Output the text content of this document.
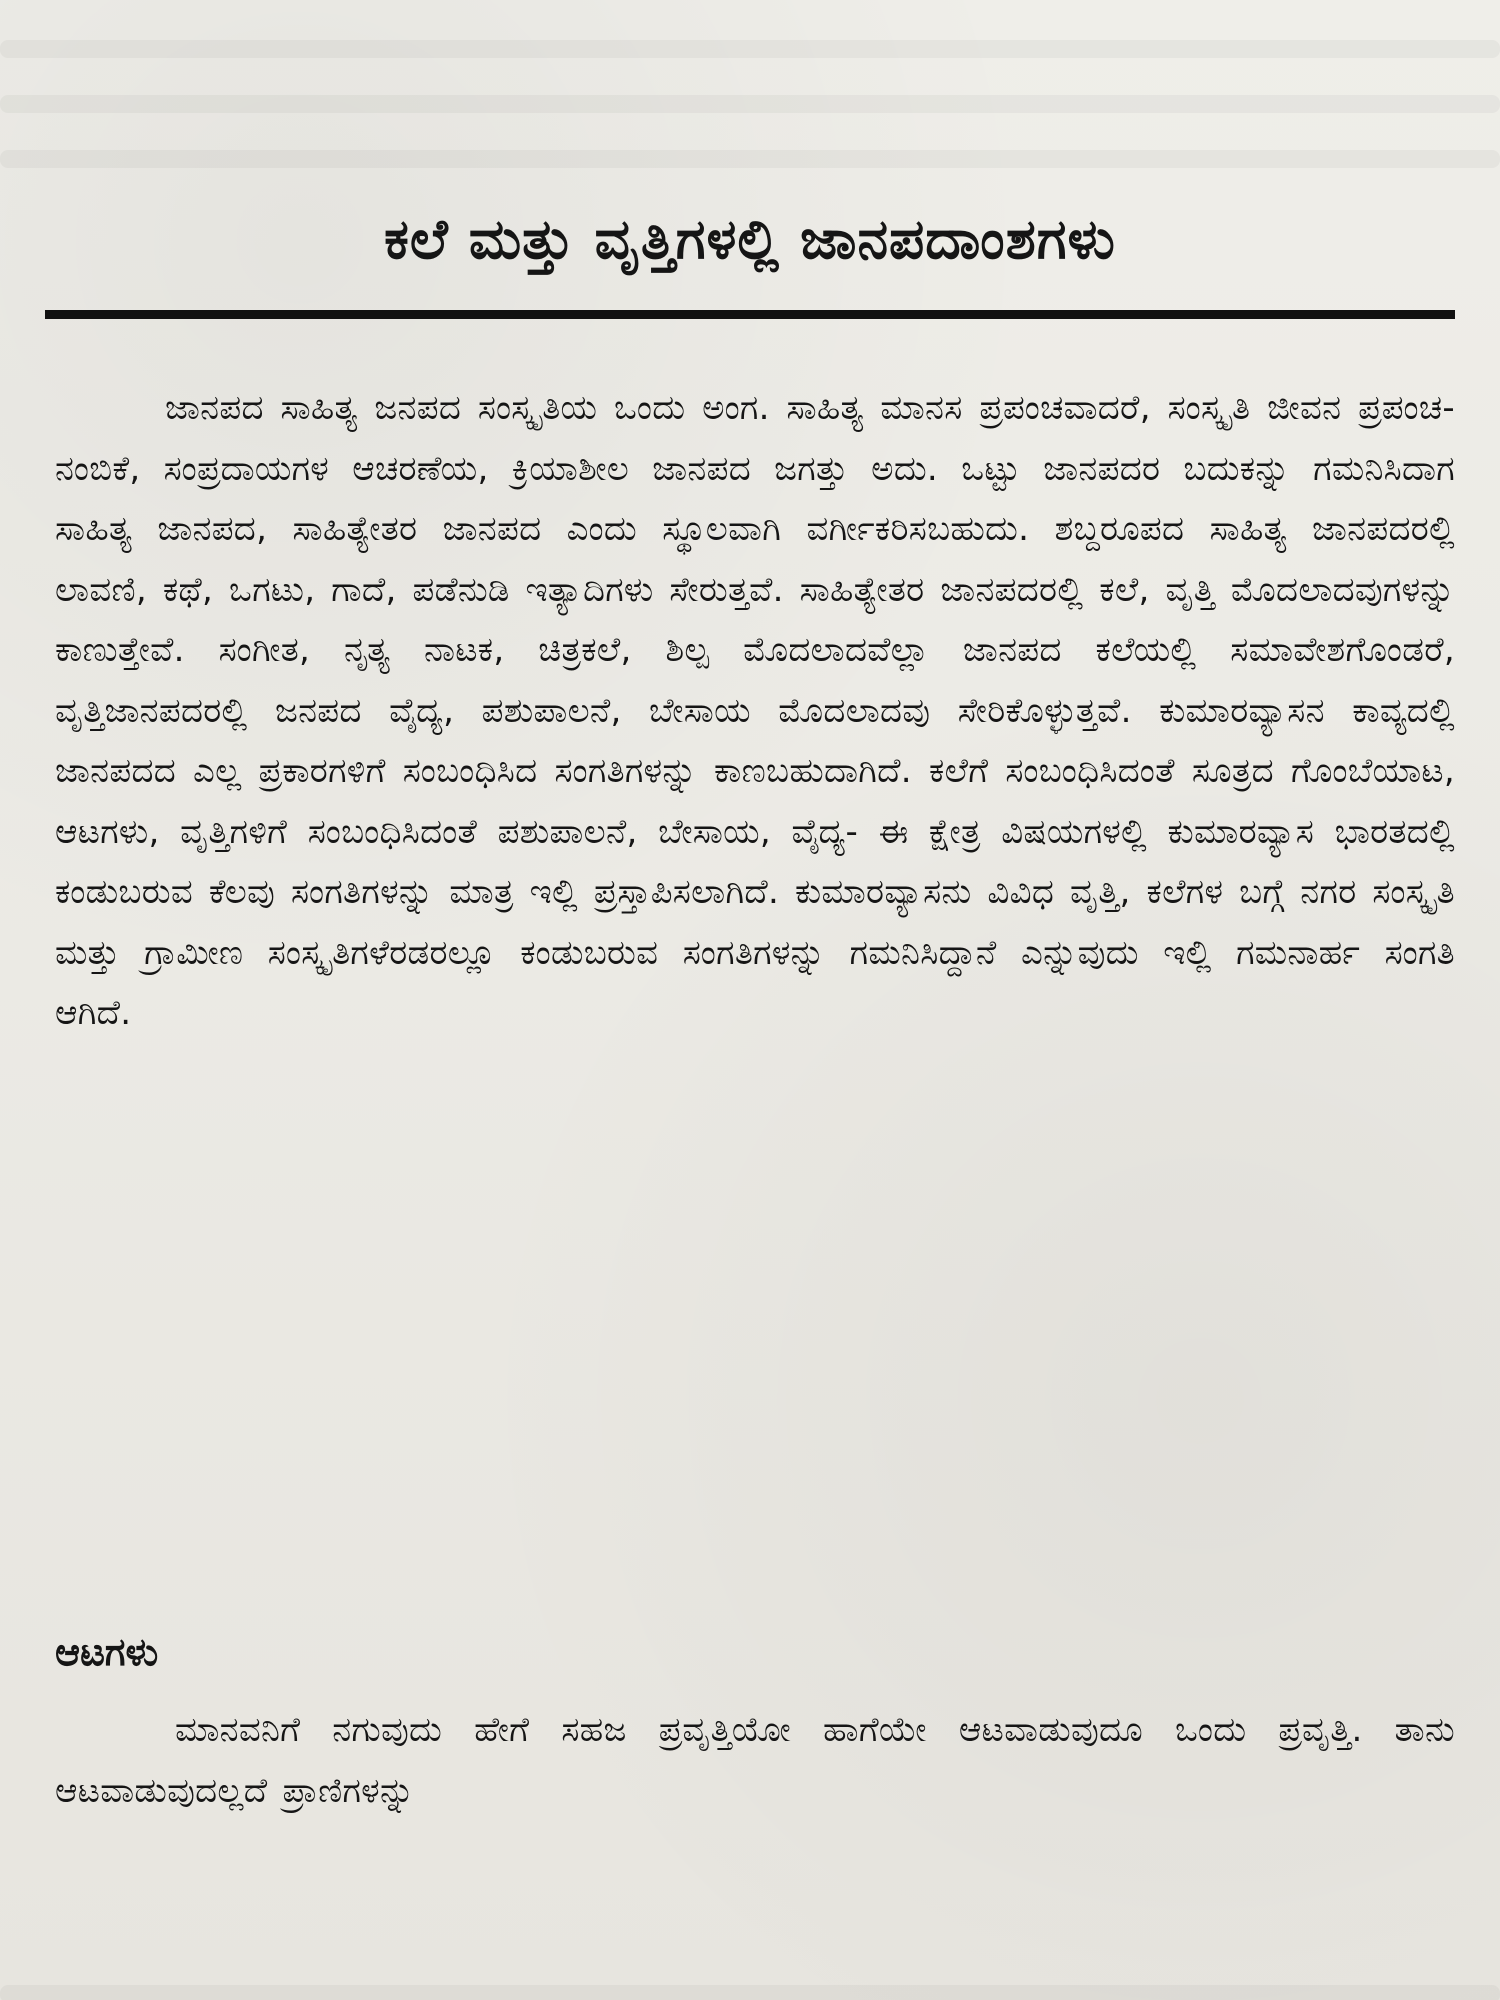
ಕಲೆ ಮತ್ತು ವೃತ್ತಿಗಳಲ್ಲಿ ಜಾನಪದಾಂಶಗಳು

ಜಾನಪದ ಸಾಹಿತ್ಯ ಜನಪದ ಸಂಸ್ಕೃತಿಯ ಒಂದು ಅಂಗ. ಸಾಹಿತ್ಯ ಮಾನಸ ಪ್ರಪಂಚವಾದರೆ, ಸಂಸ್ಕೃತಿ ಜೀವನ ಪ್ರಪಂಚ- ನಂಬಿಕೆ, ಸಂಪ್ರದಾಯಗಳ ಆಚರಣೆಯ, ಕ್ರಿಯಾಶೀಲ ಜಾನಪದ ಜಗತ್ತು ಅದು. ಒಟ್ಟು ಜಾನಪದರ ಬದುಕನ್ನು ಗಮನಿಸಿದಾಗ ಸಾಹಿತ್ಯ ಜಾನಪದ, ಸಾಹಿತ್ಯೇತರ ಜಾನಪದ ಎಂದು ಸ್ಥೂಲವಾಗಿ ವರ್ಗೀಕರಿಸಬಹುದು. ಶಬ್ದರೂಪದ ಸಾಹಿತ್ಯ ಜಾನಪದರಲ್ಲಿ ಲಾವಣಿ, ಕಥೆ, ಒಗಟು, ಗಾದೆ, ಪಡೆನುಡಿ ಇತ್ಯಾದಿಗಳು ಸೇರುತ್ತವೆ. ಸಾಹಿತ್ಯೇತರ ಜಾನಪದರಲ್ಲಿ ಕಲೆ, ವೃತ್ತಿ ಮೊದಲಾದವುಗಳನ್ನು ಕಾಣುತ್ತೇವೆ. ಸಂಗೀತ, ನೃತ್ಯ ನಾಟಕ, ಚಿತ್ರಕಲೆ, ಶಿಲ್ಪ ಮೊದಲಾದವೆಲ್ಲಾ ಜಾನಪದ ಕಲೆಯಲ್ಲಿ ಸಮಾವೇಶಗೊಂಡರೆ, ವೃತ್ತಿಜಾನಪದರಲ್ಲಿ ಜನಪದ ವೈದ್ಯ, ಪಶುಪಾಲನೆ, ಬೇಸಾಯ ಮೊದಲಾದವು ಸೇರಿಕೊಳ್ಳುತ್ತವೆ. ಕುಮಾರವ್ಯಾಸನ ಕಾವ್ಯದಲ್ಲಿ ಜಾನಪದದ ಎಲ್ಲ ಪ್ರಕಾರಗಳಿಗೆ ಸಂಬಂಧಿಸಿದ ಸಂಗತಿಗಳನ್ನು ಕಾಣಬಹುದಾಗಿದೆ. ಕಲೆಗೆ ಸಂಬಂಧಿಸಿದಂತೆ ಸೂತ್ರದ ಗೊಂಬೆಯಾಟ, ಆಟಗಳು, ವೃತ್ತಿಗಳಿಗೆ ಸಂಬಂಧಿಸಿದಂತೆ ಪಶುಪಾಲನೆ, ಬೇಸಾಯ, ವೈದ್ಯ- ಈ ಕ್ಷೇತ್ರ ವಿಷಯಗಳಲ್ಲಿ ಕುಮಾರವ್ಯಾಸ ಭಾರತದಲ್ಲಿ ಕಂಡುಬರುವ ಕೆಲವು ಸಂಗತಿಗಳನ್ನು ಮಾತ್ರ ಇಲ್ಲಿ ಪ್ರಸ್ತಾಪಿಸಲಾಗಿದೆ. ಕುಮಾರವ್ಯಾಸನು ವಿವಿಧ ವೃತ್ತಿ, ಕಲೆಗಳ ಬಗ್ಗೆ ನಗರ ಸಂಸ್ಕೃತಿ ಮತ್ತು ಗ್ರಾಮೀಣ ಸಂಸ್ಕೃತಿಗಳೆರಡರಲ್ಲೂ ಕಂಡುಬರುವ ಸಂಗತಿಗಳನ್ನು ಗಮನಿಸಿದ್ದಾನೆ ಎನ್ನುವುದು ಇಲ್ಲಿ ಗಮನಾರ್ಹ ಸಂಗತಿ ಆಗಿದೆ.

ಆಟಗಳು

ಮಾನವನಿಗೆ ನಗುವುದು ಹೇಗೆ ಸಹಜ ಪ್ರವೃತ್ತಿಯೋ ಹಾಗೆಯೇ ಆಟವಾಡುವುದೂ ಒಂದು ಪ್ರವೃತ್ತಿ. ತಾನು ಆಟವಾಡುವುದಲ್ಲದೆ ಪ್ರಾಣಿಗಳನ್ನು
